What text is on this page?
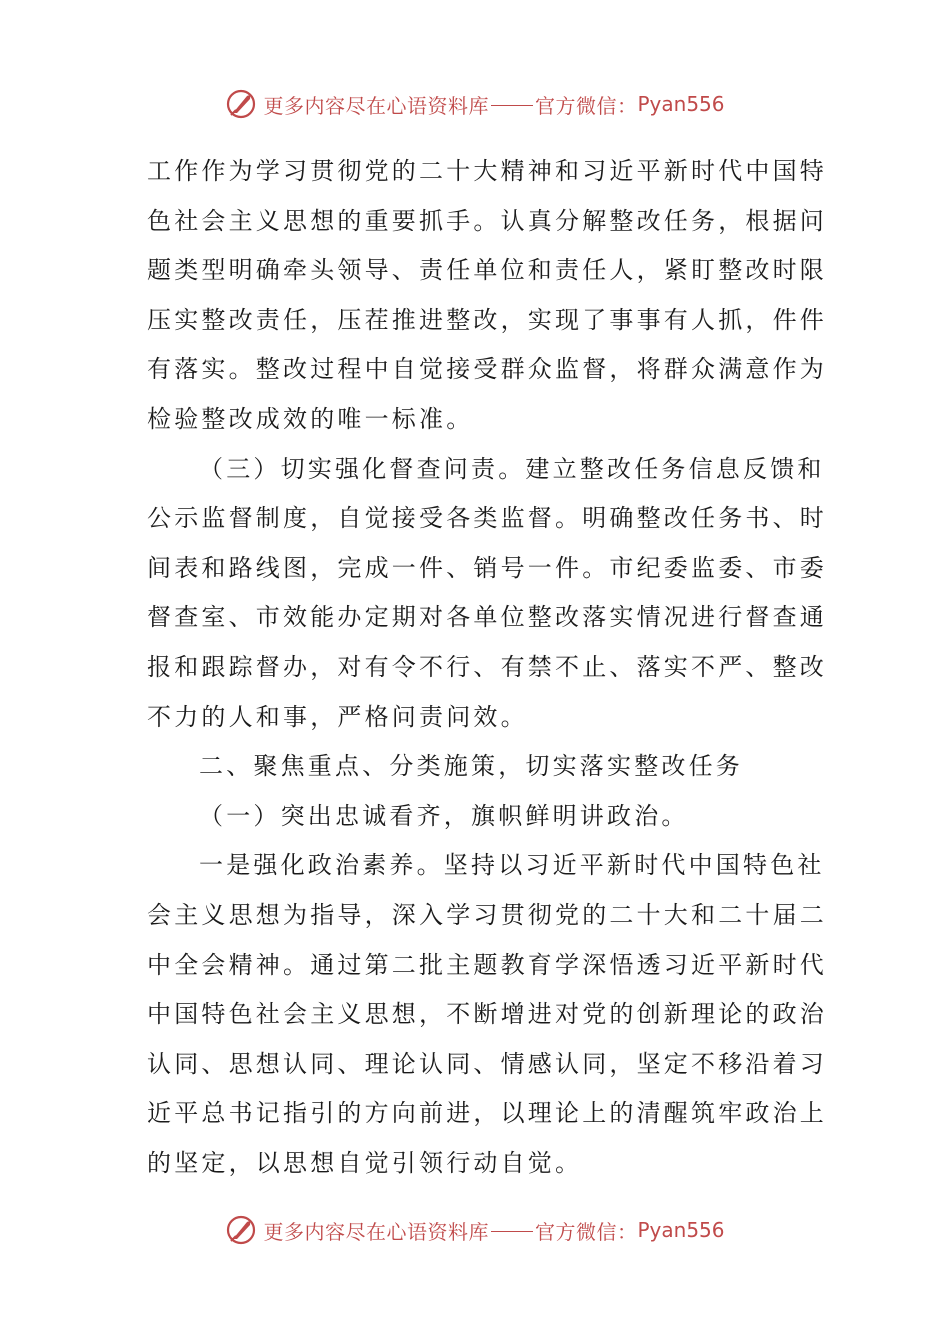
更多内容尽在心语资料库 官方微信： Pyan556
工作作为学习贯彻党的二十大精神和习近平新时代中国特
色社会主义思想的重要抓手。认真分解整改任务，根据问
题类型明确牵头领导、责任单位和责任人，紧盯整改时限
压实整改责任，压茬推进整改，实现了事事有人抓，件件
有落实。整改过程中自觉接受群众监督，将群众满意作为
检验整改成效的唯一标准。
（三）切实强化督查问责。建立整改任务信息反馈和
公示监督制度，自觉接受各类监督。明确整改任务书、时
间表和路线图，完成一件、销号一件。市纪委监委、市委
督查室、市效能办定期对各单位整改落实情况进行督查通
报和跟踪督办，对有令不行、有禁不止、落实不严、整改
不力的人和事，严格问责问效。
二、聚焦重点、分类施策，切实落实整改任务
（一）突出忠诚看齐，旗帜鲜明讲政治。
一是强化政治素养。坚持以习近平新时代中国特色社
会主义思想为指导，深入学习贯彻党的二十大和二十届二
中全会精神。通过第二批主题教育学深悟透习近平新时代
中国特色社会主义思想，不断增进对党的创新理论的政治
认同、思想认同、理论认同、情感认同，坚定不移沿着习
近平总书记指引的方向前进，以理论上的清醒筑牢政治上
的坚定，以思想自觉引领行动自觉。
更多内容尽在心语资料库 官方微信： Pyan556
